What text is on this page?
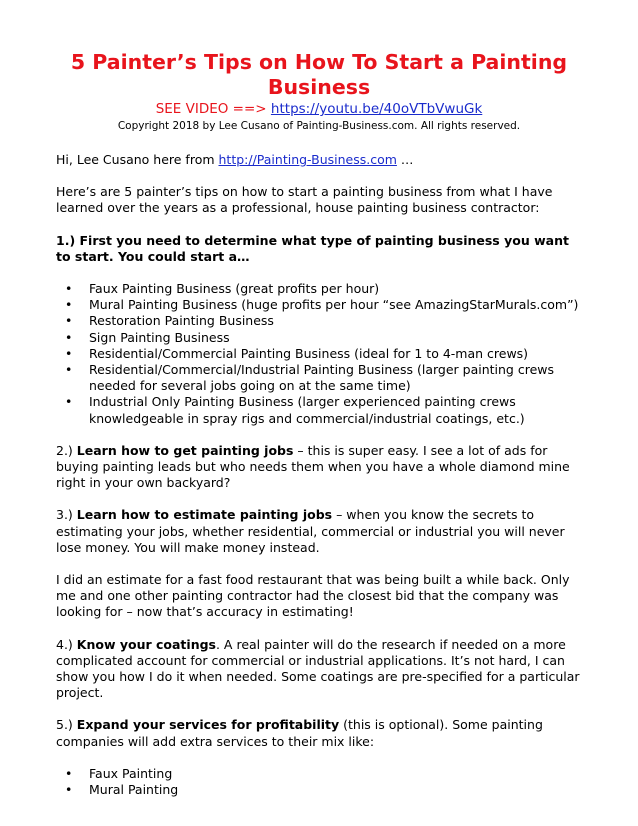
5 Painter’s Tips on How To Start a Painting Business
SEE VIDEO ==> https://youtu.be/40oVTbVwuGk
Copyright 2018 by Lee Cusano of Painting-Business.com. All rights reserved.

Hi, Lee Cusano here from http://Painting-Business.com …

Here’s are 5 painter’s tips on how to start a painting business from what I have learned over the years as a professional, house painting business contractor:

1.) First you need to determine what type of painting business you want to start. You could start a…

• Faux Painting Business (great profits per hour)
• Mural Painting Business (huge profits per hour “see AmazingStarMurals.com”)
• Restoration Painting Business
• Sign Painting Business
• Residential/Commercial Painting Business (ideal for 1 to 4-man crews)
• Residential/Commercial/Industrial Painting Business (larger painting crews needed for several jobs going on at the same time)
• Industrial Only Painting Business (larger experienced painting crews knowledgeable in spray rigs and commercial/industrial coatings, etc.)

2.) Learn how to get painting jobs – this is super easy. I see a lot of ads for buying painting leads but who needs them when you have a whole diamond mine right in your own backyard?

3.) Learn how to estimate painting jobs – when you know the secrets to estimating your jobs, whether residential, commercial or industrial you will never lose money. You will make money instead.

I did an estimate for a fast food restaurant that was being built a while back. Only me and one other painting contractor had the closest bid that the company was looking for – now that’s accuracy in estimating!

4.) Know your coatings. A real painter will do the research if needed on a more complicated account for commercial or industrial applications. It’s not hard, I can show you how I do it when needed. Some coatings are pre-specified for a particular project.

5.) Expand your services for profitability (this is optional). Some painting companies will add extra services to their mix like:

• Faux Painting
• Mural Painting
